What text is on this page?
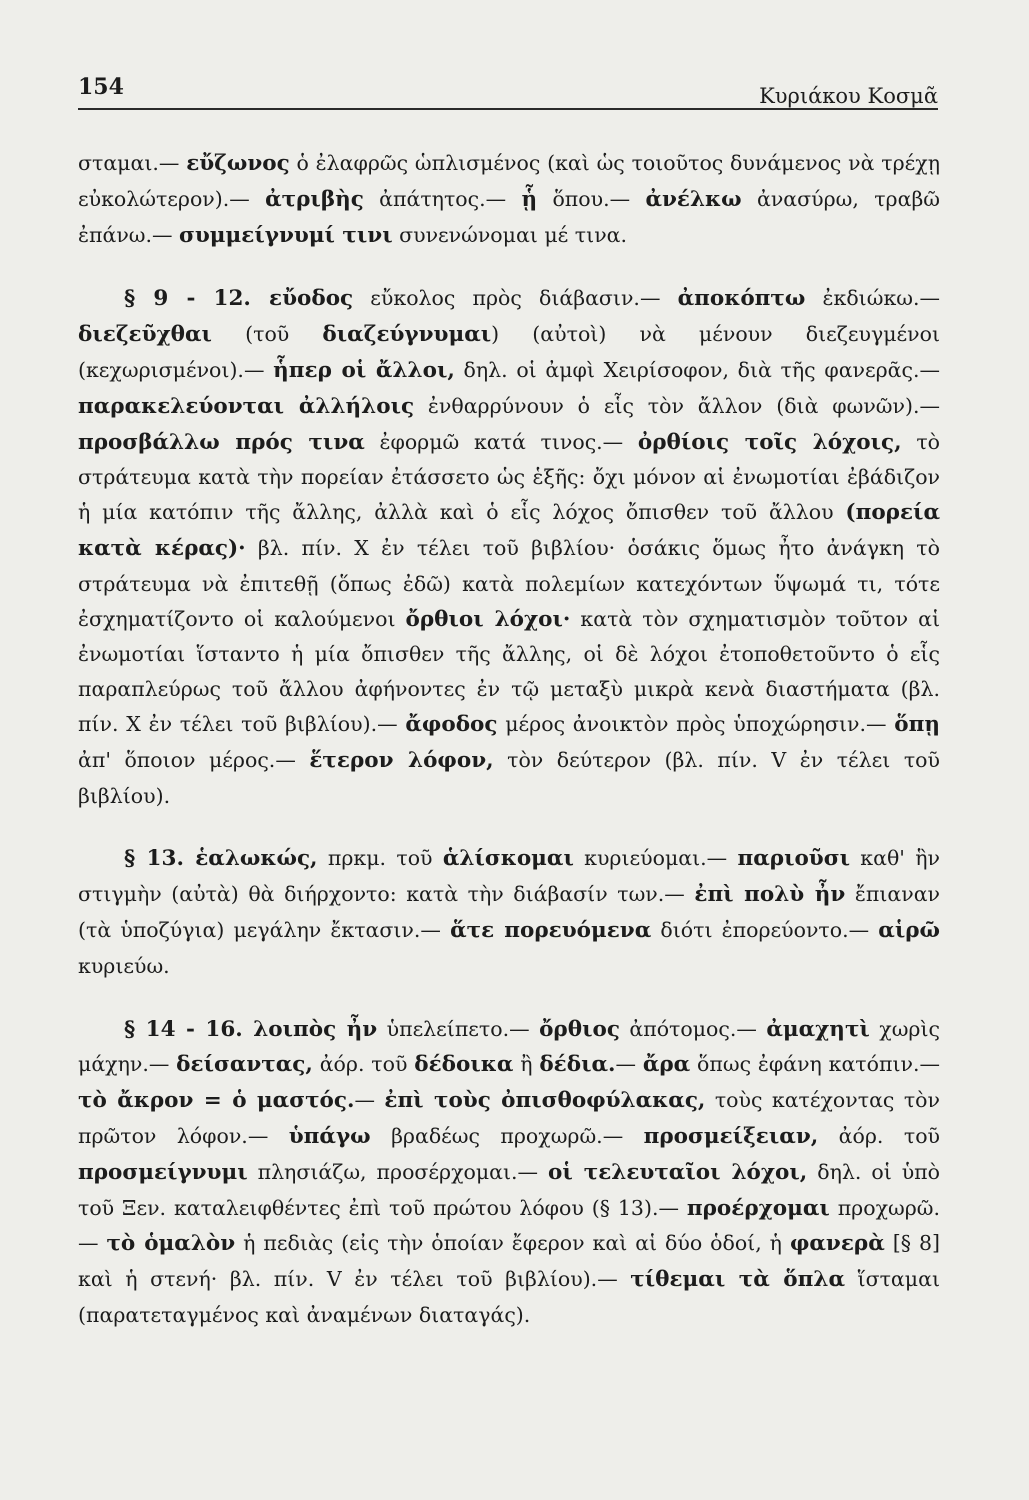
154	Κυριάκου Κοσμᾶ

σταμαι.— εὔζωνος ὁ ἐλαφρῶς ὡπλισμένος (καὶ ὡς τοιοῦτος δυνάμενος νὰ τρέχῃ εὐκολώτερον).— ἀτριβὴς ἀπάτητος.— ᾗ ὅπου.— ἀνέλκω ἀνασύρω, τραβῶ ἐπάνω.— συμμείγνυμί τινι συνενώνομαι μέ τινα.

§ 9 - 12. εὔοδος εὔκολος πρὸς διάβασιν.— ἀποκόπτω ἐκδιώκω.— διεζεῦχθαι (τοῦ διαζεύγνυμαι) (αὐτοὶ) νὰ μένουν διεζευγμένοι (κεχωρισμένοι).— ἧπερ οἱ ἄλλοι, δηλ. οἱ ἀμφὶ Χειρίσοφον, διὰ τῆς φανερᾶς.— παρακελεύονται ἀλλήλοις ἐνθαρρύνουν ὁ εἷς τὸν ἄλλον (διὰ φωνῶν).— προσβάλλω πρός τινα ἐφορμῶ κατά τινος.— ὀρθίοις τοῖς λόχοις, τὸ στράτευμα κατὰ τὴν πορείαν ἐτάσσετο ὡς ἑξῆς: ὄχι μόνον αἱ ἐνωμοτίαι ἐβάδιζον ἡ μία κατόπιν τῆς ἄλλης, ἀλλὰ καὶ ὁ εἷς λόχος ὄπισθεν τοῦ ἄλλου (πορεία κατὰ κέρας)· βλ. πίν. X ἐν τέλει τοῦ βιβλίου· ὁσάκις ὅμως ἦτο ἀνάγκη τὸ στράτευμα νὰ ἐπιτεθῇ (ὅπως ἐδῶ) κατὰ πολεμίων κατεχόντων ὕψωμά τι, τότε ἐσχηματίζοντο οἱ καλούμενοι ὄρθιοι λόχοι· κατὰ τὸν σχηματισμὸν τοῦτον αἱ ἐνωμοτίαι ἵσταντο ἡ μία ὄπισθεν τῆς ἄλλης, οἱ δὲ λόχοι ἐτοποθετοῦντο ὁ εἷς παραπλεύρως τοῦ ἄλλου ἀφήνοντες ἐν τῷ μεταξὺ μικρὰ κενὰ διαστήματα (βλ. πίν. X ἐν τέλει τοῦ βιβλίου).— ἄφοδος μέρος ἀνοικτὸν πρὸς ὑποχώρησιν.— ὅπῃ ἀπ' ὅποιον μέρος.— ἕτερον λόφον, τὸν δεύτερον (βλ. πίν. V ἐν τέλει τοῦ βιβλίου).

§ 13. ἑαλωκώς, πρκμ. τοῦ ἁλίσκομαι κυριεύομαι.— παριοῦσι καθ' ἣν στιγμὴν (αὐτὰ) θὰ διήρχοντο: κατὰ τὴν διάβασίν των.— ἐπὶ πολὺ ἦν ἔπιαναν (τὰ ὑποζύγια) μεγάλην ἔκτασιν.— ἅτε πορευόμενα διότι ἐπορεύοντο.— αἱρῶ κυριεύω.

§ 14 - 16. λοιπὸς ἦν ὑπελείπετο.— ὄρθιος ἀπότομος.— ἀμαχητὶ χωρὶς μάχην.— δείσαντας, ἀόρ. τοῦ δέδοικα ἢ δέδια.— ἄρα ὅπως ἐφάνη κατόπιν.— τὸ ἄκρον = ὁ μαστός.— ἐπὶ τοὺς ὀπισθοφύλακας, τοὺς κατέχοντας τὸν πρῶτον λόφον.— ὑπάγω βραδέως προχωρῶ.— προσμείξειαν, ἀόρ. τοῦ προσμείγνυμι πλησιάζω, προσέρχομαι.— οἱ τελευταῖοι λόχοι, δηλ. οἱ ὑπὸ τοῦ Ξεν. καταλειφθέντες ἐπὶ τοῦ πρώτου λόφου (§ 13).— προέρχομαι προχωρῶ.— τὸ ὁμαλὸν ἡ πεδιὰς (εἰς τὴν ὁποίαν ἔφερον καὶ αἱ δύο ὁδοί, ἡ φανερὰ [§ 8] καὶ ἡ στενή· βλ. πίν. V ἐν τέλει τοῦ βιβλίου).— τίθεμαι τὰ ὅπλα ἵσταμαι (παρατεταγμένος καὶ ἀναμένων διαταγάς).
